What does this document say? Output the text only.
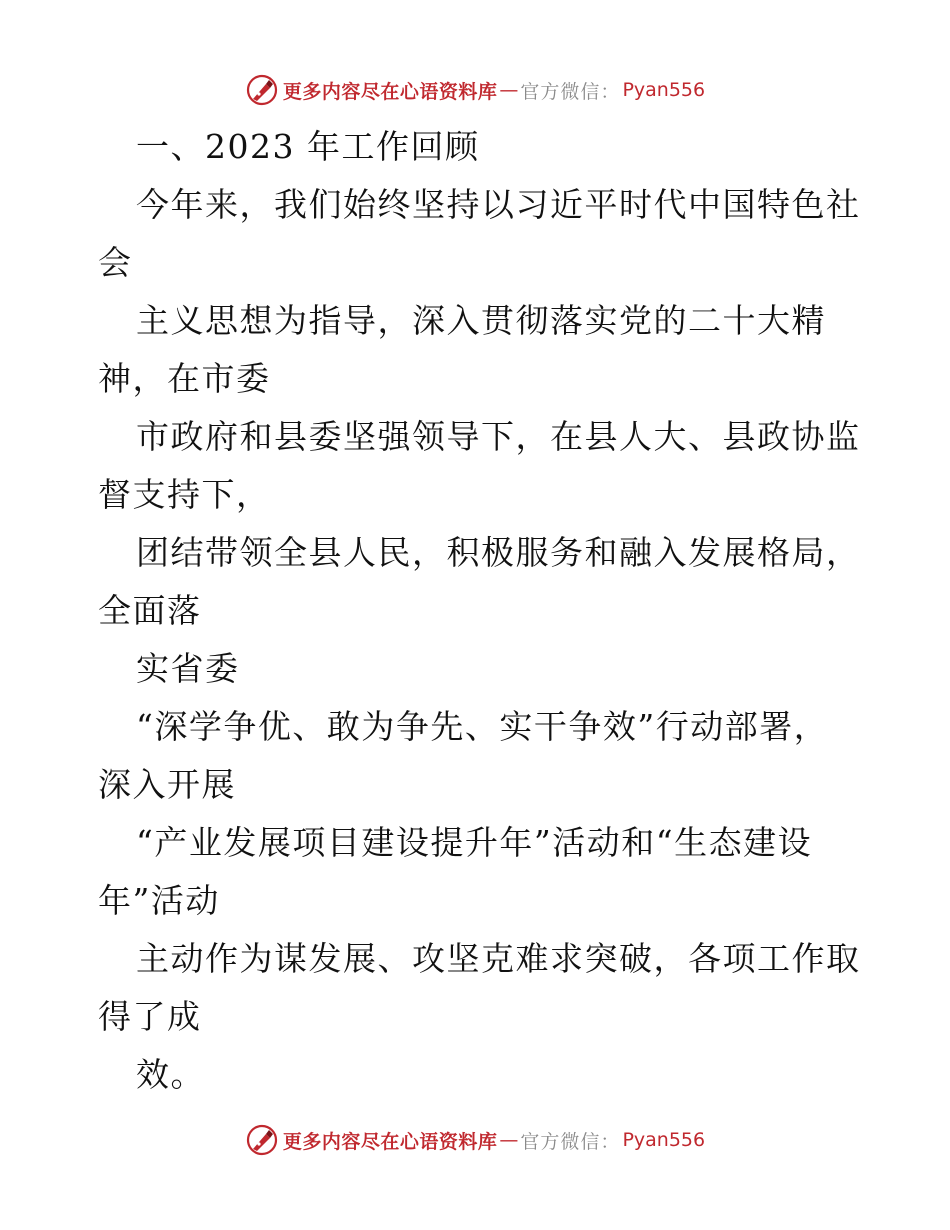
更多内容尽在心语资料库 — 官方微信： Pyan556
一、2023 年工作回顾
今年来，我们始终坚持以习近平时代中国特色社
会
主义思想为指导，深入贯彻落实党的二十大精
神，在市委
市政府和县委坚强领导下，在县人大、县政协监
督支持下，
团结带领全县人民，积极服务和融入发展格局，
全面落
实省委
“深学争优、敢为争先、实干争效”行动部署，
深入开展
“产业发展项目建设提升年”活动和“生态建设
年”活动
主动作为谋发展、攻坚克难求突破，各项工作取
得了成
效。
更多内容尽在心语资料库 — 官方微信： Pyan556
